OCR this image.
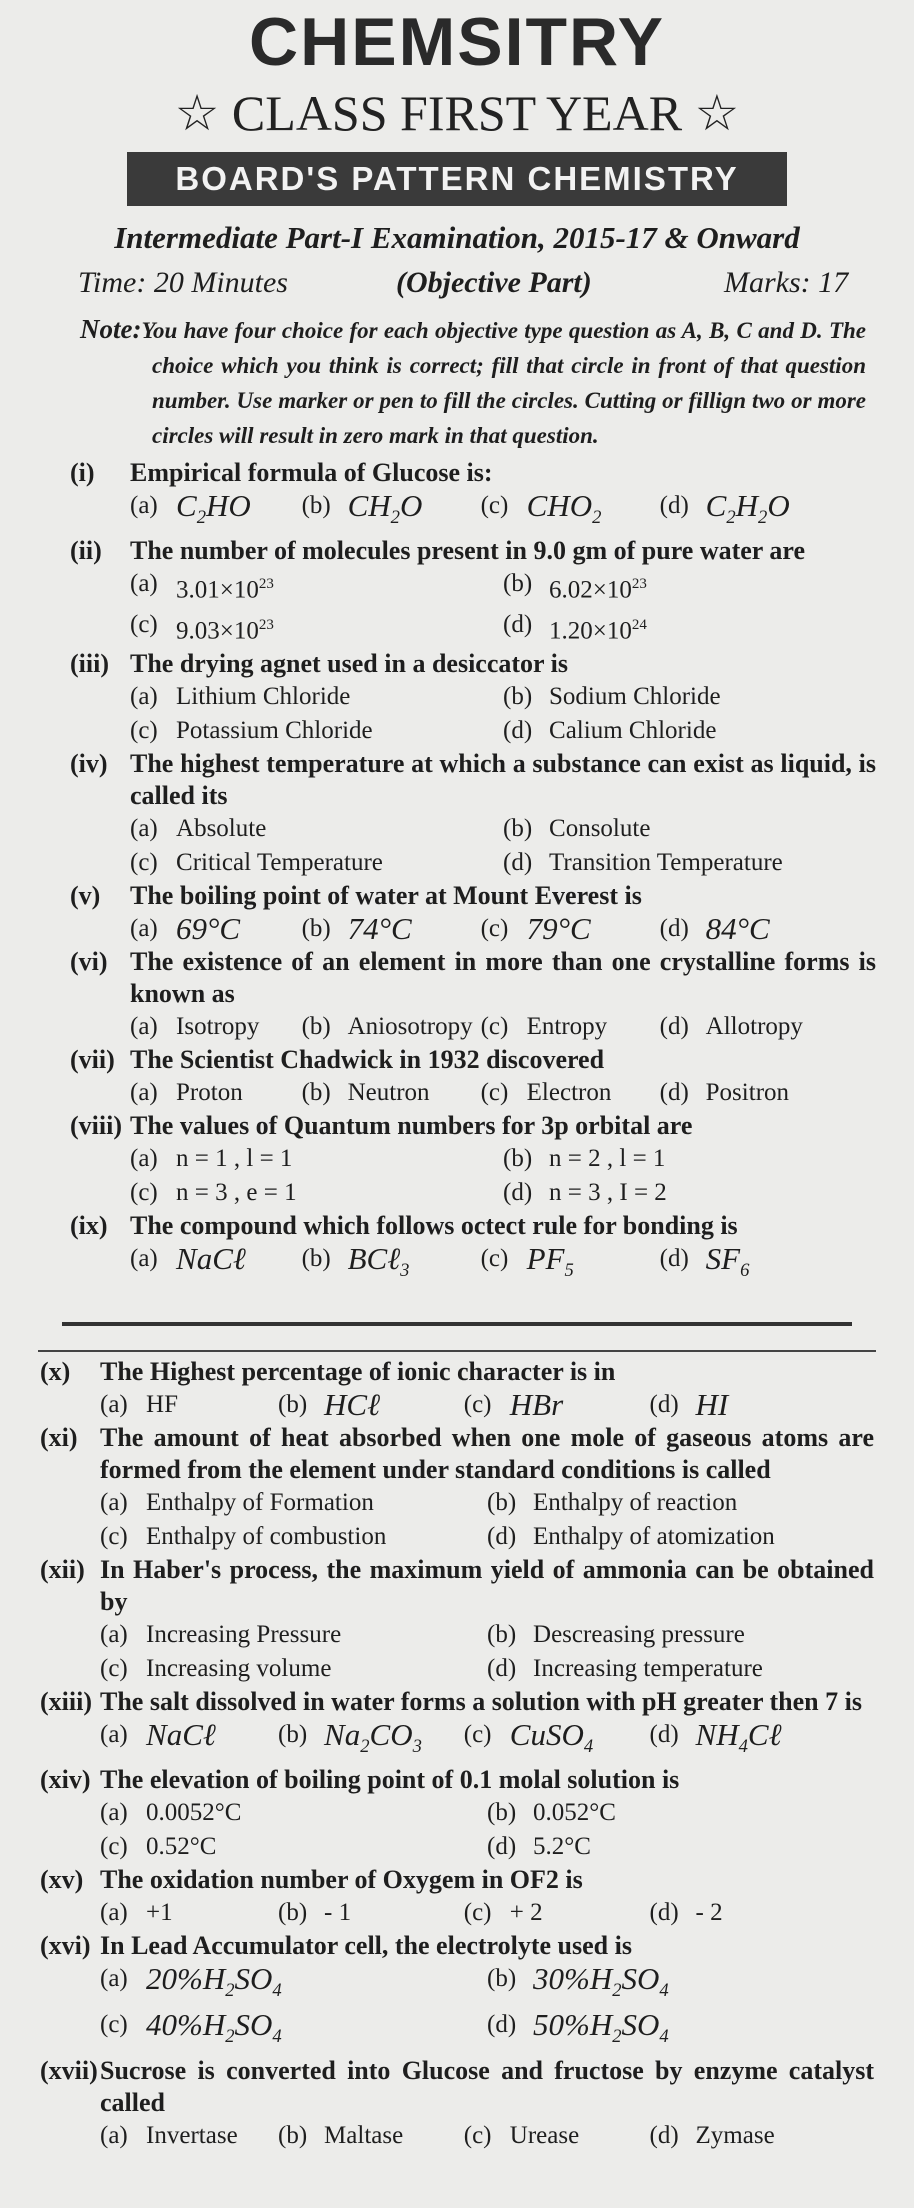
CHEMSITRY
☆ CLASS FIRST YEAR ☆
BOARD'S PATTERN CHEMISTRY
Intermediate Part-I Examination, 2015-17 & Onward
Time: 20 Minutes	(Objective Part)	Marks: 17
Note:You have four choice for each objective type question as A, B, C and D. The choice which you think is correct; fill that circle in front of that question number. Use marker or pen to fill the circles. Cutting or fillign two or more circles will result in zero mark in that question.
(i)	Empirical formula of Glucose is:
(a) $C_2HO$ (b) $CH_2O$ (c) $CHO_2$ (d) $C_2H_2O$
(ii)	The number of molecules present in 9.0 gm of pure water are
(a) $3.01\times 10^{23}$	(b) $6.02\times 10^{23}$
(c) $9.03\times 10^{23}$	(d) $1.20\times 10^{24}$
(iii) The drying agnet used in a desiccator is
(a) Lithium Chloride	(b) Sodium Chloride
(c) Potassium Chloride	(d) Calium Chloride
(iv) The highest temperature at which a substance can exist as liquid, is called its
(a) Absolute	(b) Consolute
(c) Critical Temperature	(d) Transition Temperature
(v)	The boiling point of water at Mount Everest is
(a) 69°C (b) 74°C	(c) 79°C	(d) 84°C
(vi) The existence of an element in more than one crystalline forms is known as
(a) Isotropy (b) Aniosotropy (c) Entropy (d) Allotropy
(vii) The Scientist Chadwick in 1932 discovered
(a) Proton (b) Neutron (c) Electron (d) Positron
(viii) The values of Quantum numbers for 3p orbital are
(a) n = 1 , l = 1	(b) n = 2 , l = 1
(c) n = 3 , e = 1	(d) n = 3 , I = 2
(ix) The compound which follows octect rule for bonding is
(a) NaCℓ (b) BCℓ$_3$	(c) $PF_5$	(d) $SF_6$
(x)	The Highest percentage of ionic character is in
(a) HF	(b) HCℓ	(c) HBr	(d) HI
(xi) The amount of heat absorbed when one mole of gaseous atoms are formed from the element under standard conditions is called
(a) Enthalpy of Formation	(b) Enthalpy of reaction
(c) Enthalpy of combustion	(d) Enthalpy of atomization
(xii) In Haber's process, the maximum yield of ammonia can be obtained by
(a) Increasing Pressure	(b) Descreasing pressure
(c) Increasing volume	(d) Increasing temperature
(xiii) The salt dissolved in water forms a solution with pH greater then 7 is
(a) NaCℓ (b) $Na_2CO_3$ (c) CuSO$_4$ (d) $NH_4C\ell$
(xiv) The elevation of boiling point of 0.1 molal solution is
(a) 0.0052°C	(b) 0.052°C
(c) 0.52°C	(d) 5.2°C
(xv) The oxidation number of Oxygem in OF2 is
(a) +1	(b) - 1	(c) + 2	(d) - 2
(xvi) In Lead Accumulator cell, the electrolyte used is
(a) $20\%H_2SO_4$	(b) $30\%H_2SO_4$
(c) $40\%H_2SO_4$	(d) $50\%H_2SO_4$
(xvii) Sucrose is converted into Glucose and fructose by enzyme catalyst called
(a) Invertase (b) Maltase (c) Urease	(d) Zymase
